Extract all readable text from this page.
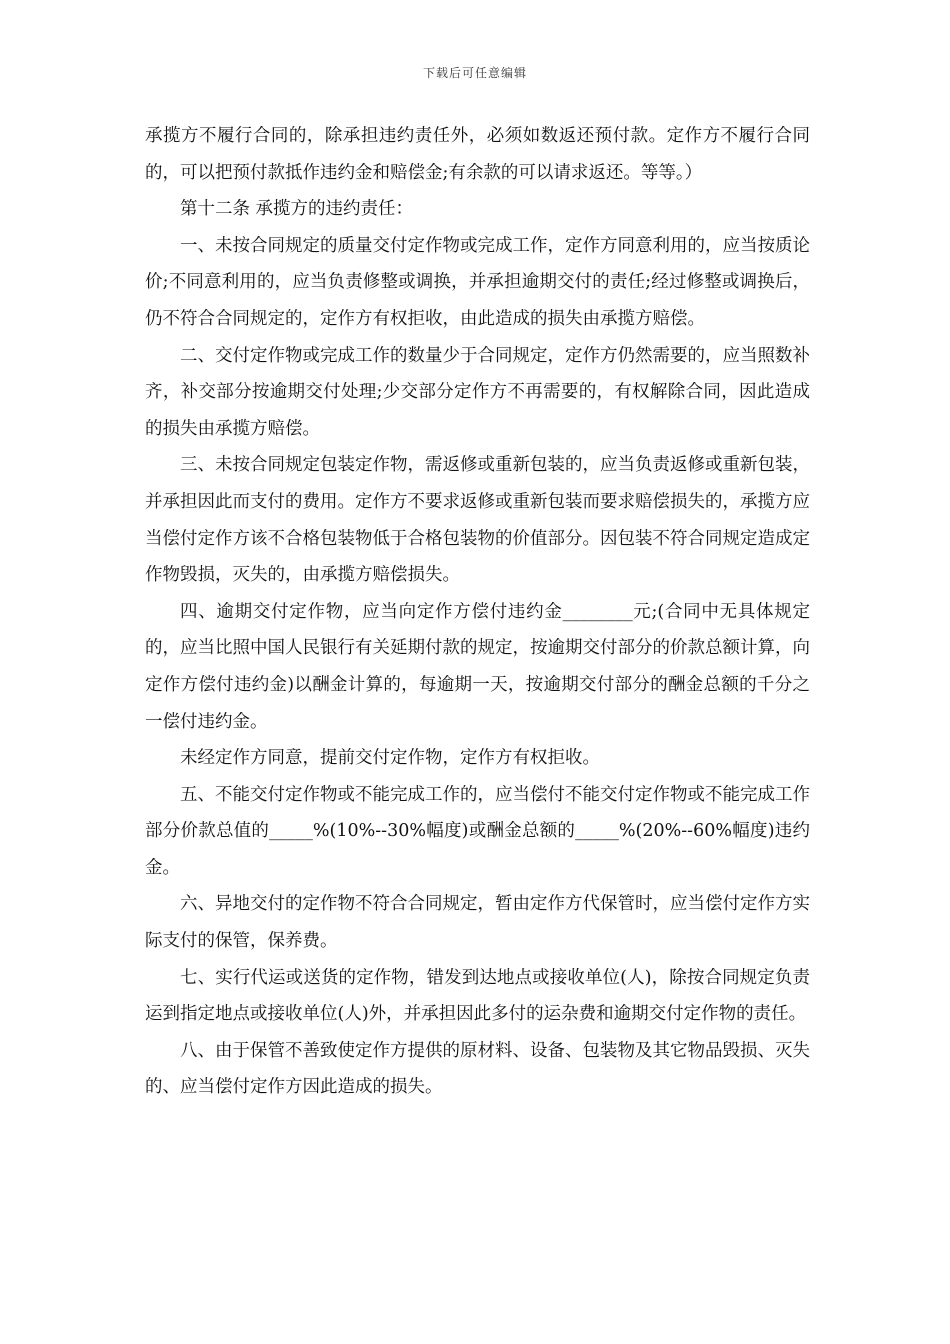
下载后可任意编辑

承揽方不履行合同的，除承担违约责任外，必须如数返还预付款。定作方不履行合同的，可以把预付款抵作违约金和赔偿金;有余款的可以请求返还。等等。）

第十二条 承揽方的违约责任：

一、未按合同规定的质量交付定作物或完成工作，定作方同意利用的，应当按质论价;不同意利用的，应当负责修整或调换，并承担逾期交付的责任;经过修整或调换后，仍不符合合同规定的，定作方有权拒收，由此造成的损失由承揽方赔偿。

二、交付定作物或完成工作的数量少于合同规定，定作方仍然需要的，应当照数补齐，补交部分按逾期交付处理;少交部分定作方不再需要的，有权解除合同，因此造成的损失由承揽方赔偿。

三、未按合同规定包装定作物，需返修或重新包装的，应当负责返修或重新包装，并承担因此而支付的费用。定作方不要求返修或重新包装而要求赔偿损失的，承揽方应当偿付定作方该不合格包装物低于合格包装物的价值部分。因包装不符合同规定造成定作物毁损，灭失的，由承揽方赔偿损失。

四、逾期交付定作物，应当向定作方偿付违约金________元;(合同中无具体规定的，应当比照中国人民银行有关延期付款的规定，按逾期交付部分的价款总额计算，向定作方偿付违约金)以酬金计算的，每逾期一天，按逾期交付部分的酬金总额的千分之一偿付违约金。

未经定作方同意，提前交付定作物，定作方有权拒收。

五、不能交付定作物或不能完成工作的，应当偿付不能交付定作物或不能完成工作部分价款总值的_____%(10%--30%幅度)或酬金总额的_____%(20%--60%幅度)违约金。

六、异地交付的定作物不符合合同规定，暂由定作方代保管时，应当偿付定作方实际支付的保管，保养费。

七、实行代运或送货的定作物，错发到达地点或接收单位(人)，除按合同规定负责运到指定地点或接收单位(人)外，并承担因此多付的运杂费和逾期交付定作物的责任。

八、由于保管不善致使定作方提供的原材料、设备、包装物及其它物品毁损、灭失的、应当偿付定作方因此造成的损失。
